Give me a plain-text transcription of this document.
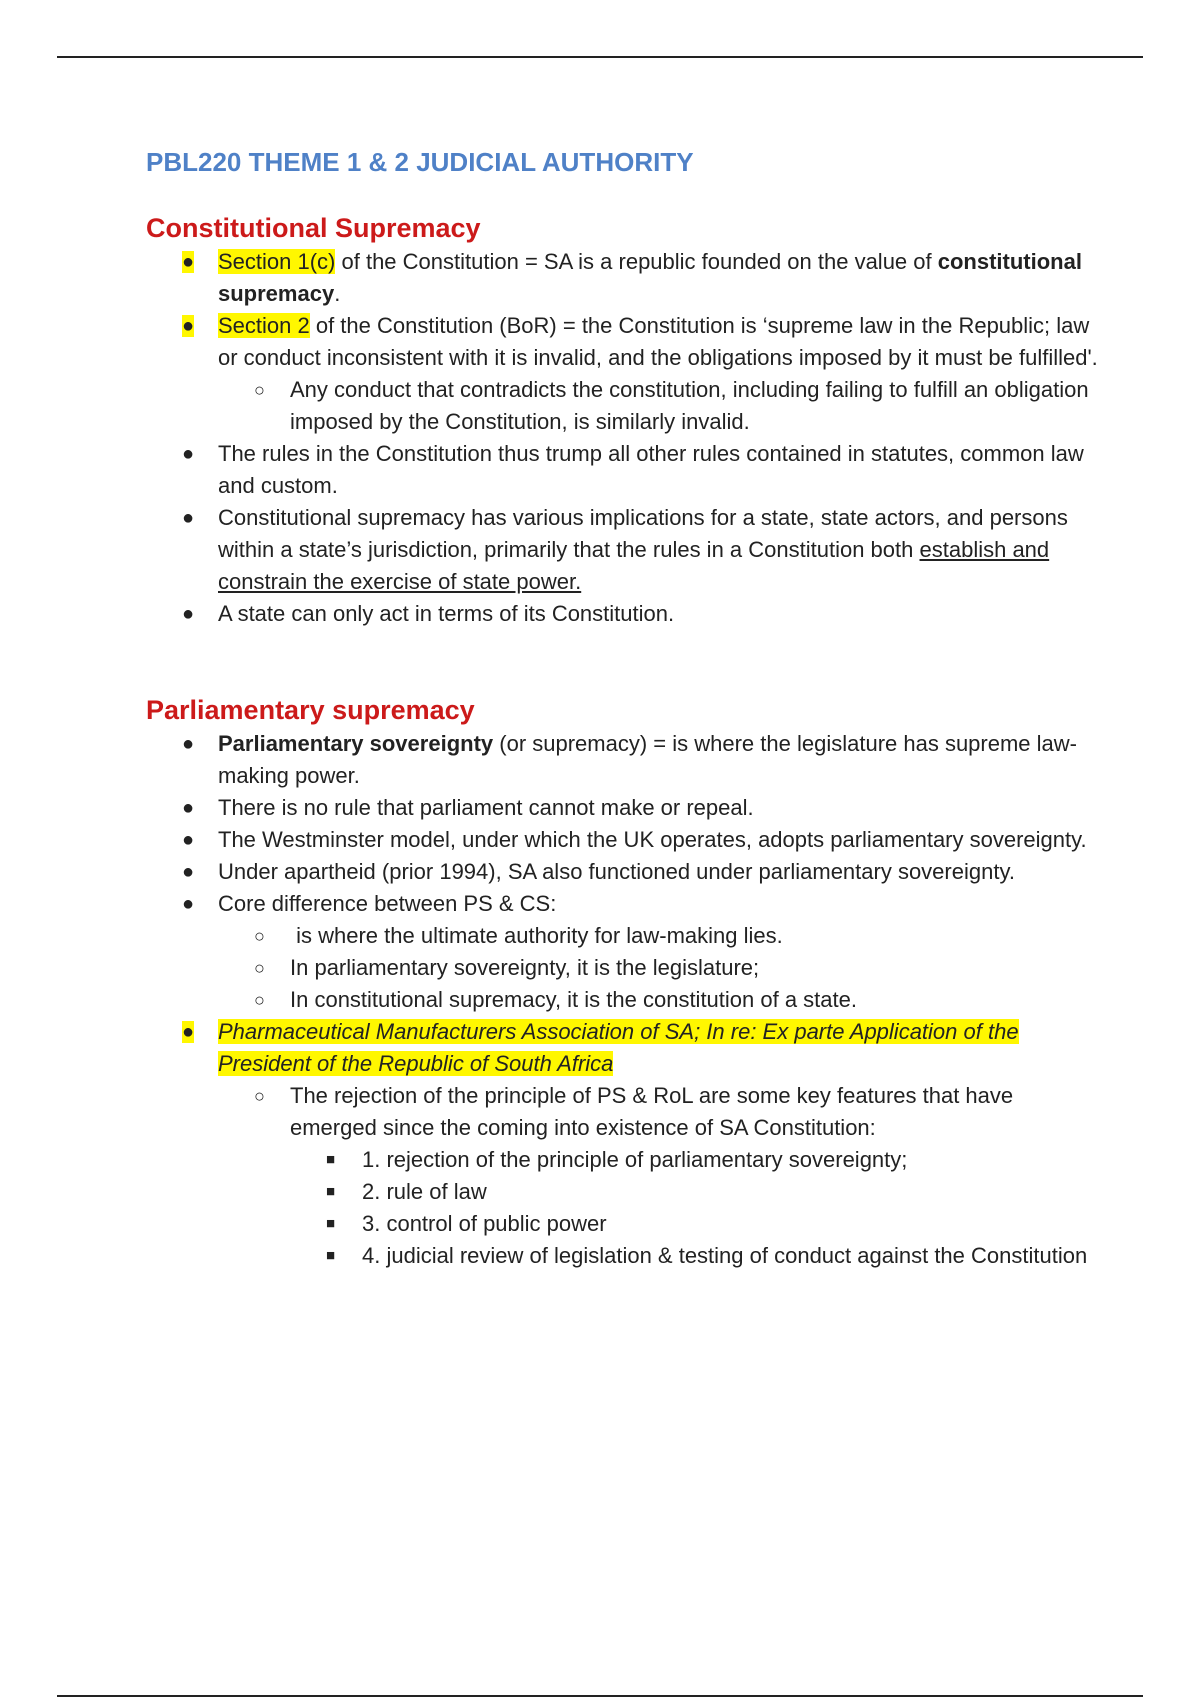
PBL220 THEME 1 & 2 JUDICIAL AUTHORITY
Constitutional Supremacy
●	Section 1(c) of the Constitution = SA is a republic founded on the value of constitutional supremacy.
●	Section 2 of the Constitution (BoR) = the Constitution is ‘supreme law in the Republic; law or conduct inconsistent with it is invalid, and the obligations imposed by it must be fulfilled'.
○	Any conduct that contradicts the constitution, including failing to fulfill an obligation imposed by the Constitution, is similarly invalid.
●	The rules in the Constitution thus trump all other rules contained in statutes, common law and custom.
●	Constitutional supremacy has various implications for a state, state actors, and persons within a state’s jurisdiction, primarily that the rules in a Constitution both establish and constrain the exercise of state power.
●	A state can only act in terms of its Constitution.
Parliamentary supremacy
●	Parliamentary sovereignty (or supremacy) = is where the legislature has supreme law-making power.
●	There is no rule that parliament cannot make or repeal.
●	The Westminster model, under which the UK operates, adopts parliamentary sovereignty.
●	Under apartheid (prior 1994), SA also functioned under parliamentary sovereignty.
●	Core difference between PS & CS:
○	is where the ultimate authority for law-making lies.
○	In parliamentary sovereignty, it is the legislature;
○	In constitutional supremacy, it is the constitution of a state.
●	Pharmaceutical Manufacturers Association of SA; In re: Ex parte Application of the President of the Republic of South Africa
○	The rejection of the principle of PS & RoL are some key features that have emerged since the coming into existence of SA Constitution:
■	1. rejection of the principle of parliamentary sovereignty;
■	2. rule of law
■	3. control of public power
■	4. judicial review of legislation & testing of conduct against the Constitution
